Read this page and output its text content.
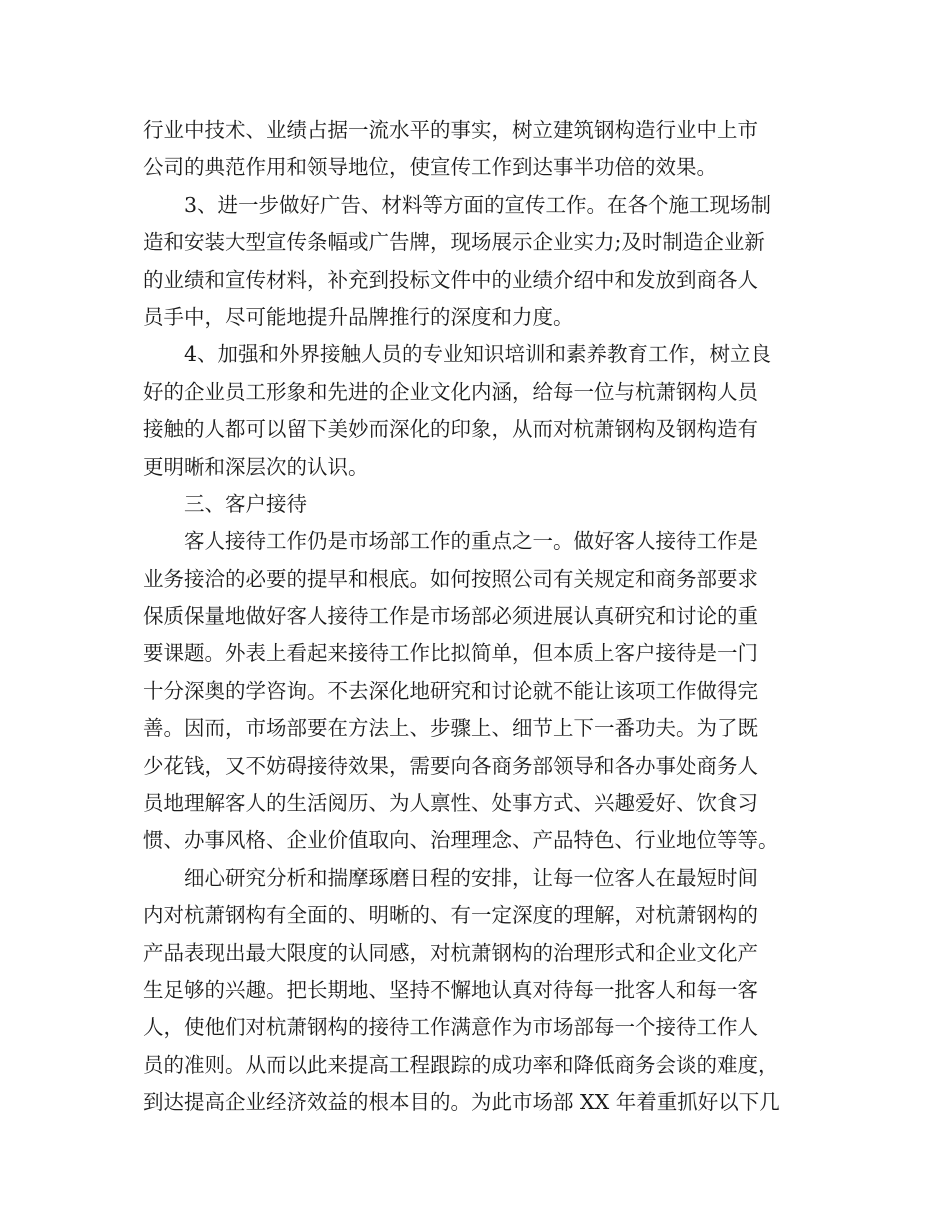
行业中技术、业绩占据一流水平的事实，树立建筑钢构造行业中上市
公司的典范作用和领导地位，使宣传工作到达事半功倍的效果。
3、进一步做好广告、材料等方面的宣传工作。在各个施工现场制
造和安装大型宣传条幅或广告牌，现场展示企业实力;及时制造企业新
的业绩和宣传材料，补充到投标文件中的业绩介绍中和发放到商各人
员手中，尽可能地提升品牌推行的深度和力度。
4、加强和外界接触人员的专业知识培训和素养教育工作，树立良
好的企业员工形象和先进的企业文化内涵，给每一位与杭萧钢构人员
接触的人都可以留下美妙而深化的印象，从而对杭萧钢构及钢构造有
更明晰和深层次的认识。
三、客户接待
客人接待工作仍是市场部工作的重点之一。做好客人接待工作是
业务接洽的必要的提早和根底。如何按照公司有关规定和商务部要求
保质保量地做好客人接待工作是市场部必须进展认真研究和讨论的重
要课题。外表上看起来接待工作比拟简单，但本质上客户接待是一门
十分深奥的学咨询。不去深化地研究和讨论就不能让该项工作做得完
善。因而，市场部要在方法上、步骤上、细节上下一番功夫。为了既
少花钱，又不妨碍接待效果，需要向各商务部领导和各办事处商务人
员地理解客人的生活阅历、为人禀性、处事方式、兴趣爱好、饮食习
惯、办事风格、企业价值取向、治理理念、产品特色、行业地位等等。
细心研究分析和揣摩琢磨日程的安排，让每一位客人在最短时间
内对杭萧钢构有全面的、明晰的、有一定深度的理解，对杭萧钢构的
产品表现出最大限度的认同感，对杭萧钢构的治理形式和企业文化产
生足够的兴趣。把长期地、坚持不懈地认真对待每一批客人和每一客
人，使他们对杭萧钢构的接待工作满意作为市场部每一个接待工作人
员的准则。从而以此来提高工程跟踪的成功率和降低商务会谈的难度，
到达提高企业经济效益的根本目的。为此市场部 XX 年着重抓好以下几
